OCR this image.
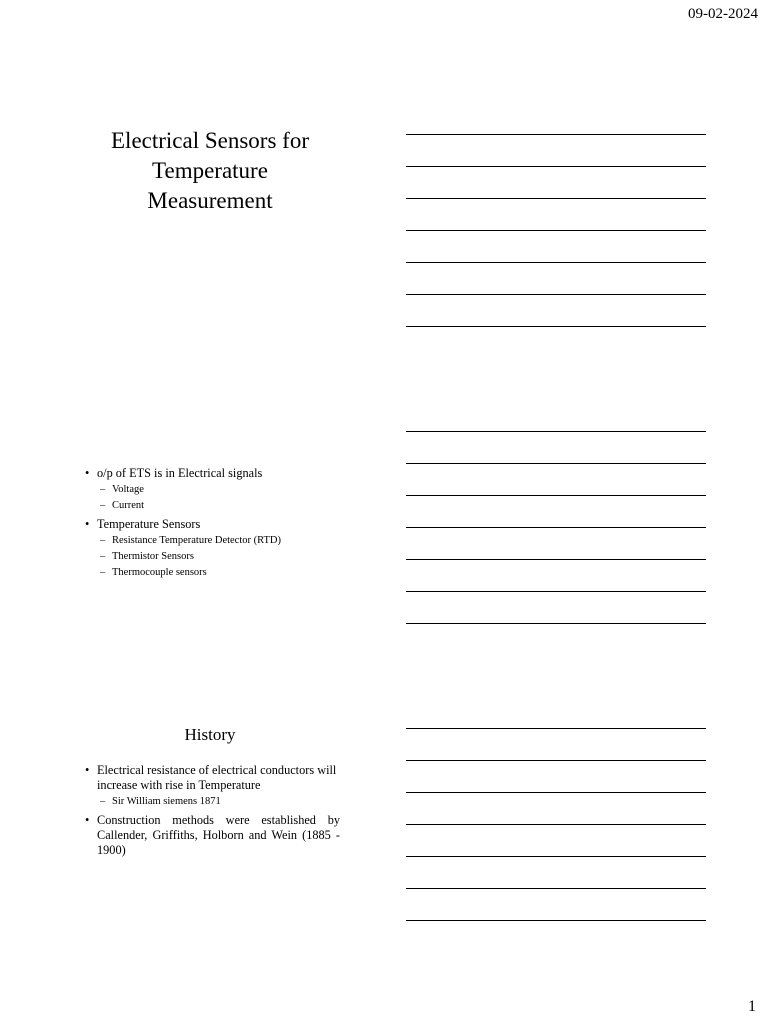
09-02-2024
Electrical Sensors for
Temperature
Measurement
• o/p of ETS is in Electrical signals
– Voltage
– Current
• Temperature Sensors
– Resistance Temperature Detector (RTD)
– Thermistor Sensors
– Thermocouple sensors
History
• Electrical resistance of electrical conductors will increase with rise in Temperature
– Sir William siemens 1871
• Construction methods were established by Callender, Griffiths, Holborn and Wein (1885 - 1900)
1
